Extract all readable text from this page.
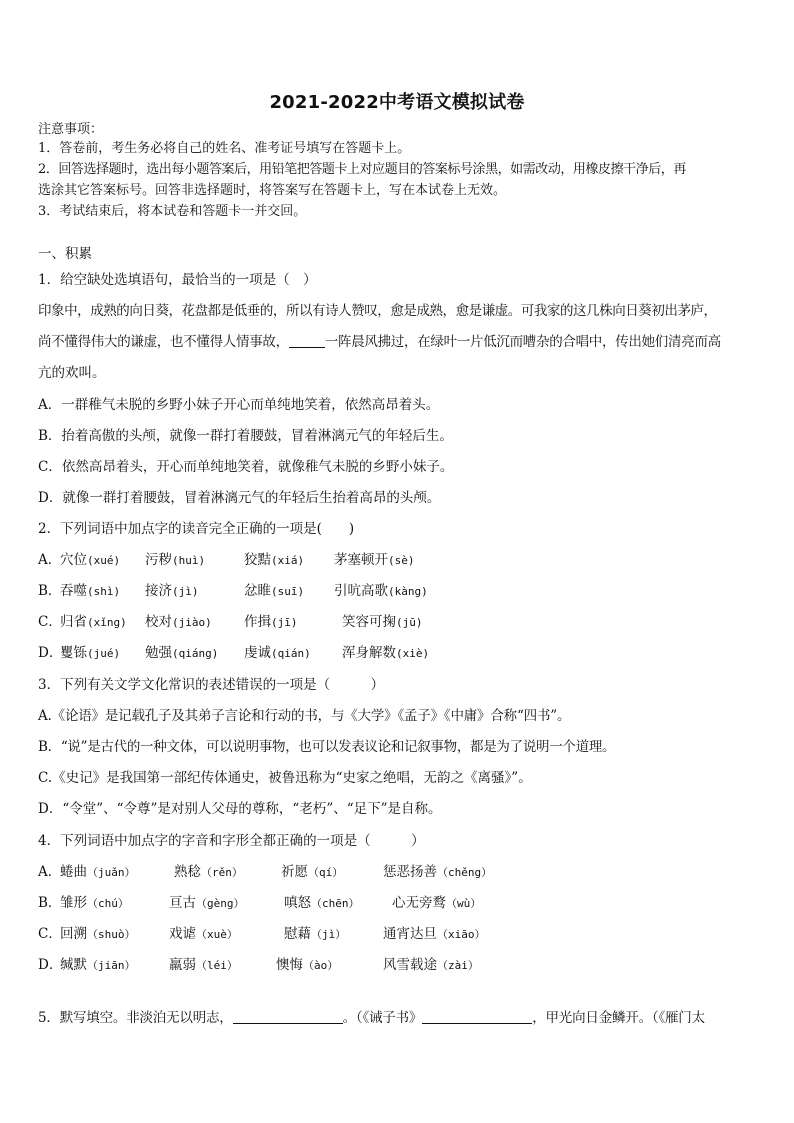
2021-2022中考语文模拟试卷
注意事项：
1．答卷前，考生务必将自己的姓名、准考证号填写在答题卡上。
2．回答选择题时，选出每小题答案后，用铅笔把答题卡上对应题目的答案标号涂黑，如需改动，用橡皮擦干净后，再
选涂其它答案标号。回答非选择题时，将答案写在答题卡上，写在本试卷上无效。
3．考试结束后，将本试卷和答题卡一并交回。
一、积累
1．给空缺处选填语句，最恰当的一项是（　）
印象中，成熟的向日葵，花盘都是低垂的，所以有诗人赞叹，愈是成熟，愈是谦虚。可我家的这几株向日葵初出茅庐，
尚不懂得伟大的谦虚，也不懂得人情事故，	一阵晨风拂过，在绿叶一片低沉而嘈杂的合唱中，传出她们清亮而高
亢的欢叫。
A．一群稚气未脱的乡野小妹子开心而单纯地笑着，依然高昂着头。
B．抬着高傲的头颅，就像一群打着腰鼓，冒着淋漓元气的年轻后生。
C．依然高昂着头，开心而单纯地笑着，就像稚气未脱的乡野小妹子。
D．就像一群打着腰鼓，冒着淋漓元气的年轻后生抬着高昂的头颅。
2．下列词语中加点字的读音完全正确的一项是(　　)
A．
穴位(xué) 污秽(huì)	狡黠(xiá) 茅塞顿开(sè)
B．
吞噬(shì) 接济(jì)	忿睢(suī) 引吭高歌(kàng)
C．
归省(xǐng) 校对(jiào) 作揖(jī)	笑容可掬(jū)
D．
矍铄(jué) 勉强(qiáng) 虔诚(qián) 浑身解数(xiè)
3．下列有关文学文化常识的表述错误的一项是（　　　）
A.《论语》是记载孔子及其弟子言论和行动的书，与《大学》《孟子》《中庸》合称“四书”。
B．“说”是古代的一种文体，可以说明事物，也可以发表议论和记叙事物，都是为了说明一个道理。
C.《史记》是我国第一部纪传体通史，被鲁迅称为“史家之绝唱，无韵之《离骚》”。
D．“令堂”、“令尊”是对别人父母的尊称，“老朽”、“足下”是自称。
4．下列词语中加点字的字音和字形全都正确的一项是（　　　）
A．
蜷曲（juǎn）	熟稔（rěn）	祈愿（qí）	惩恶扬善（chěng）
B．
雏形（chú）	亘古（gèng）	嗔怒（chēn） 心无旁鹜（wù）
C．
回溯（shuò） 戏谑（xuè）	慰藉（jì）	通宵达旦（xiāo）
D．
缄默（jiān） 羸弱（léi）	懊悔（ào）	风雪载途（zài）
5．默写填空。非淡泊无以明志，	。（《诫子书》	，甲光向日金鳞开。（《雁门太
